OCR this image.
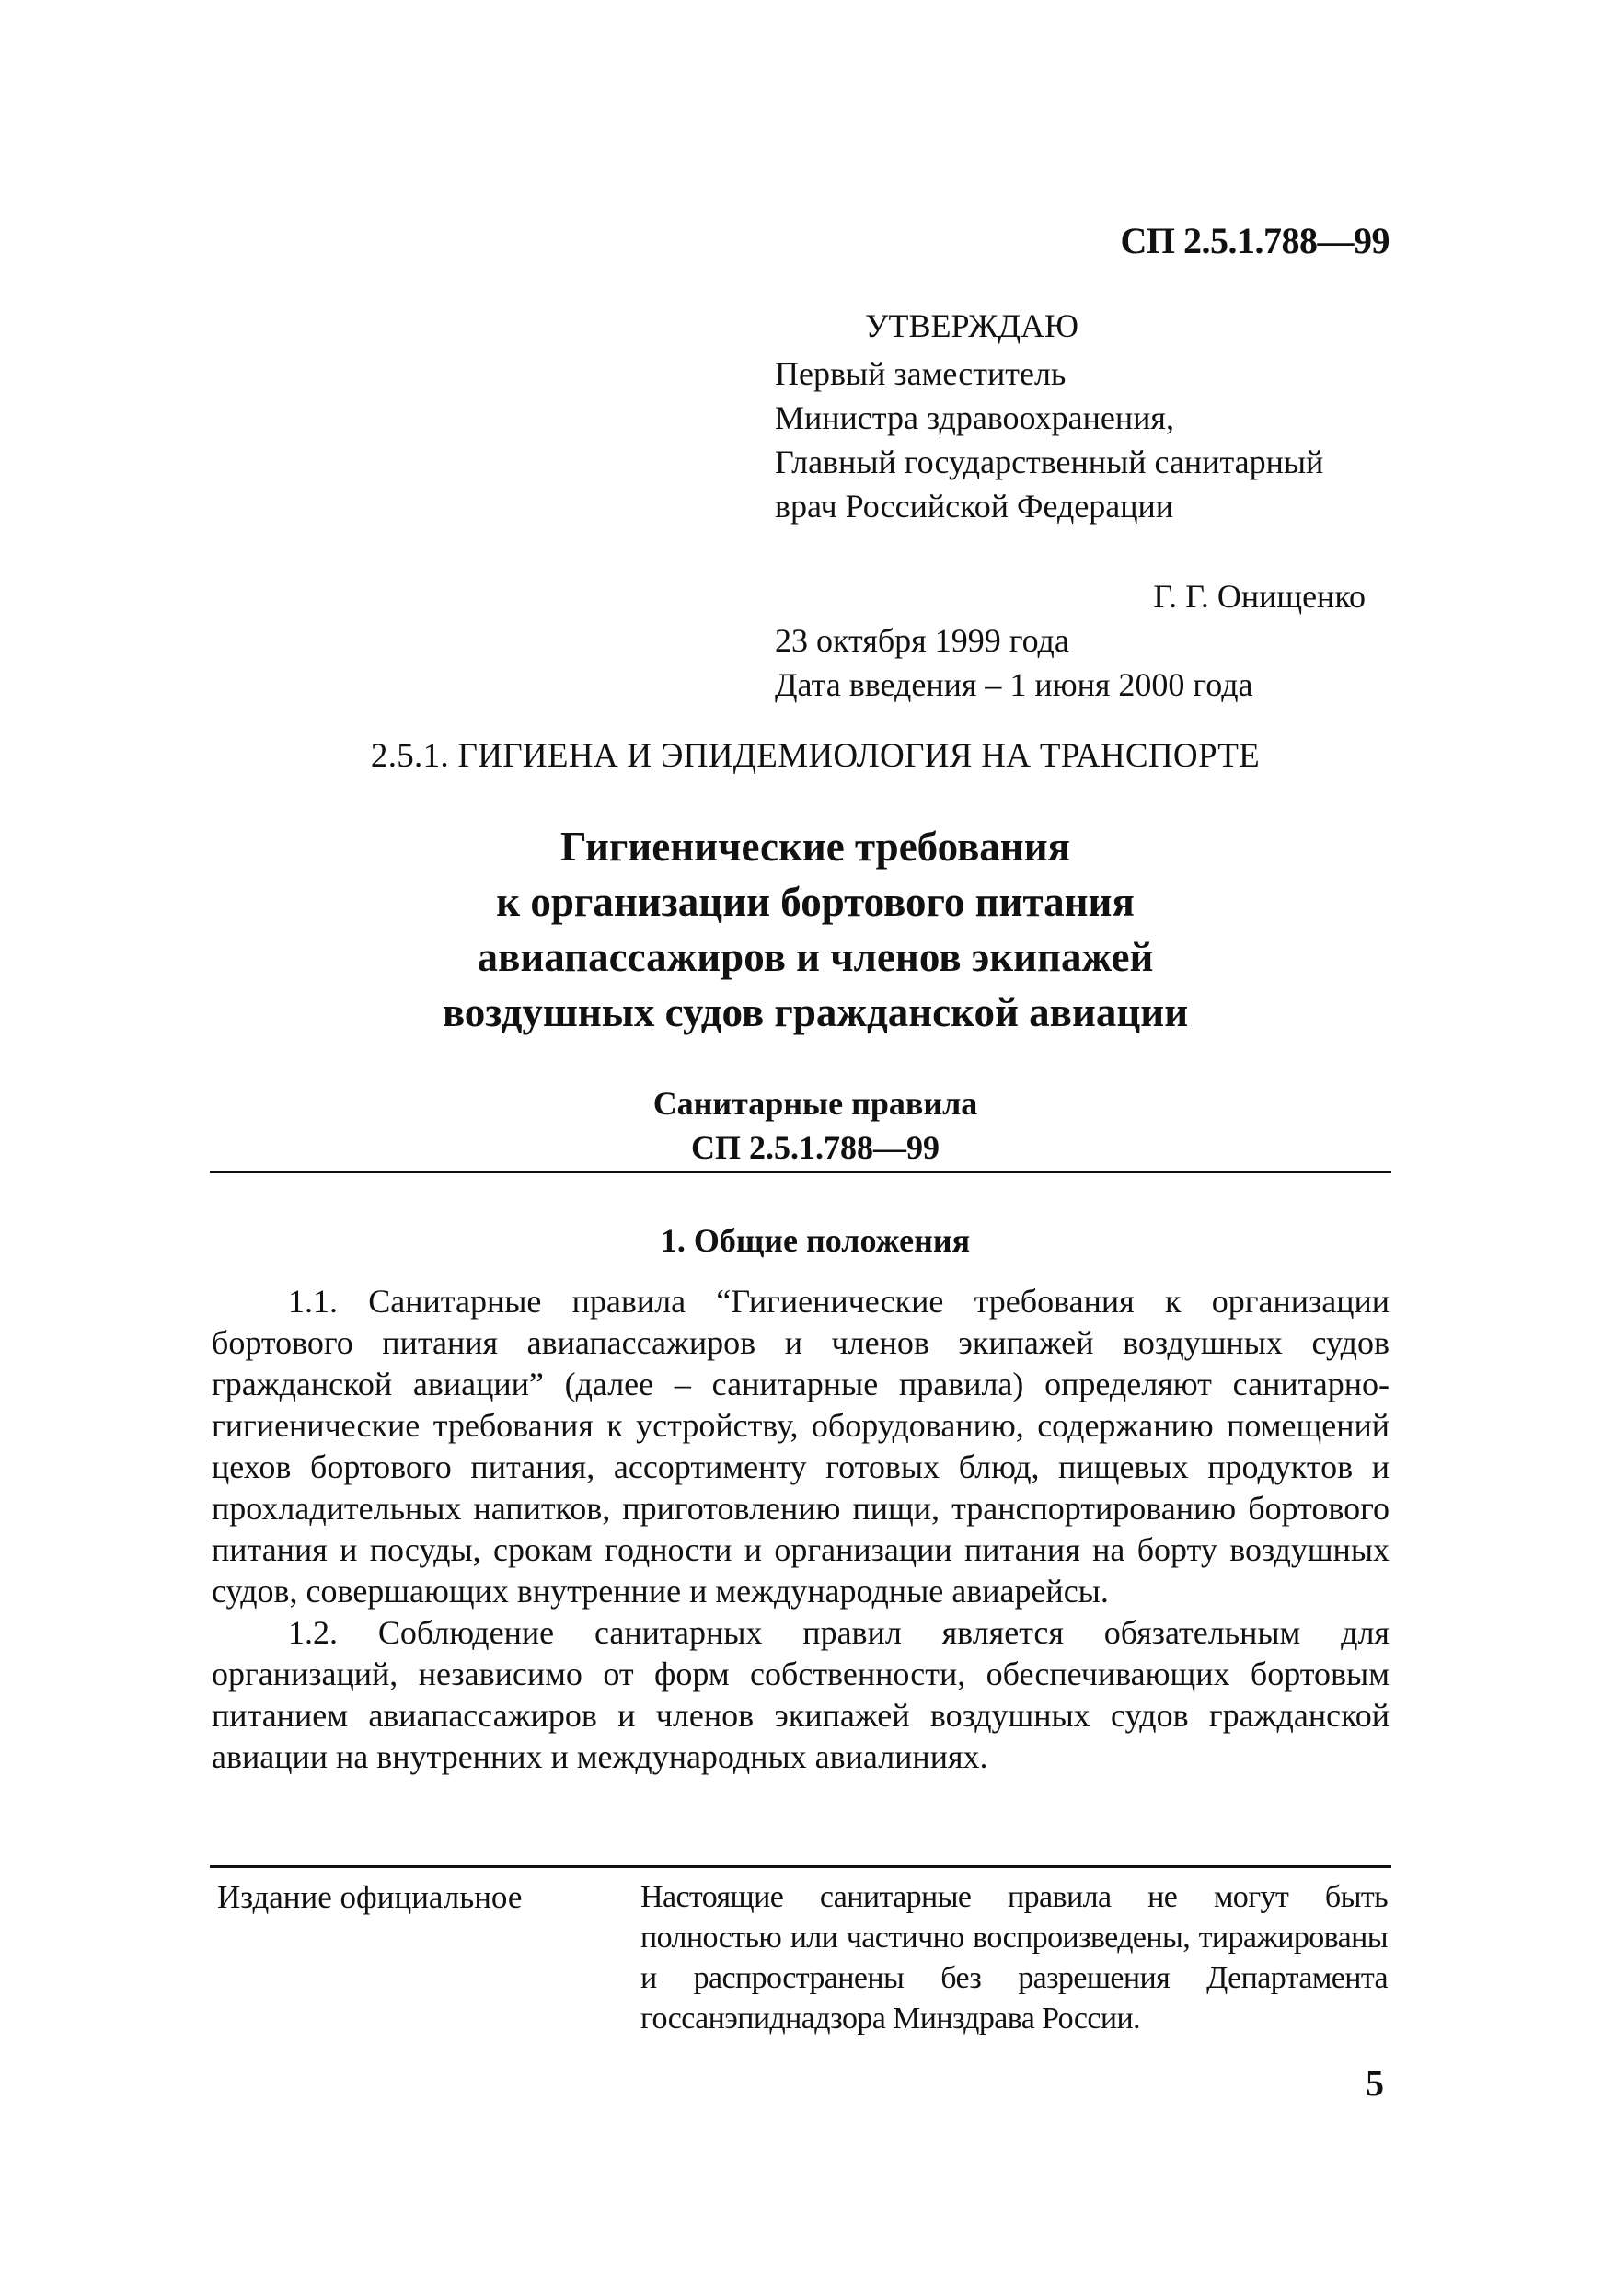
СП 2.5.1.788—99
УТВЕРЖДАЮ
Первый заместитель
Министра здравоохранения,
Главный государственный санитарный
врач Российской Федерации
Г. Г. Онищенко
23 октября 1999 года
Дата введения – 1 июня 2000 года
2.5.1. ГИГИЕНА И ЭПИДЕМИОЛОГИЯ НА ТРАНСПОРТЕ
Гигиенические требования
к организации бортового питания
авиапассажиров и членов экипажей
воздушных судов гражданской авиации
Санитарные правила
СП 2.5.1.788—99
1. Общие положения

1.1. Санитарные правила “Гигиенические требования к организации бортового питания авиапассажиров и членов экипажей воздушных судов гражданской авиации” (далее – санитарные правила) определяют санитарно-гигиенические требования к устройству, оборудованию, содержанию помещений цехов бортового питания, ассортименту готовых блюд, пищевых продуктов и прохладительных напитков, приготовлению пищи, транспортированию бортового питания и посуды, срокам годности и организации питания на борту воздушных судов, совершающих внутренние и международные авиарейсы.

1.2. Соблюдение санитарных правил является обязательным для организаций, независимо от форм собственности, обеспечивающих бортовым питанием авиапассажиров и членов экипажей воздушных судов гражданской авиации на внутренних и международных авиалиниях.

Издание официальное	Настоящие санитарные правила не могут быть полностью или частично воспроизведены, тиражированы и распространены без разрешения Департамента госсанэпиднадзора Минздрава России.
5
